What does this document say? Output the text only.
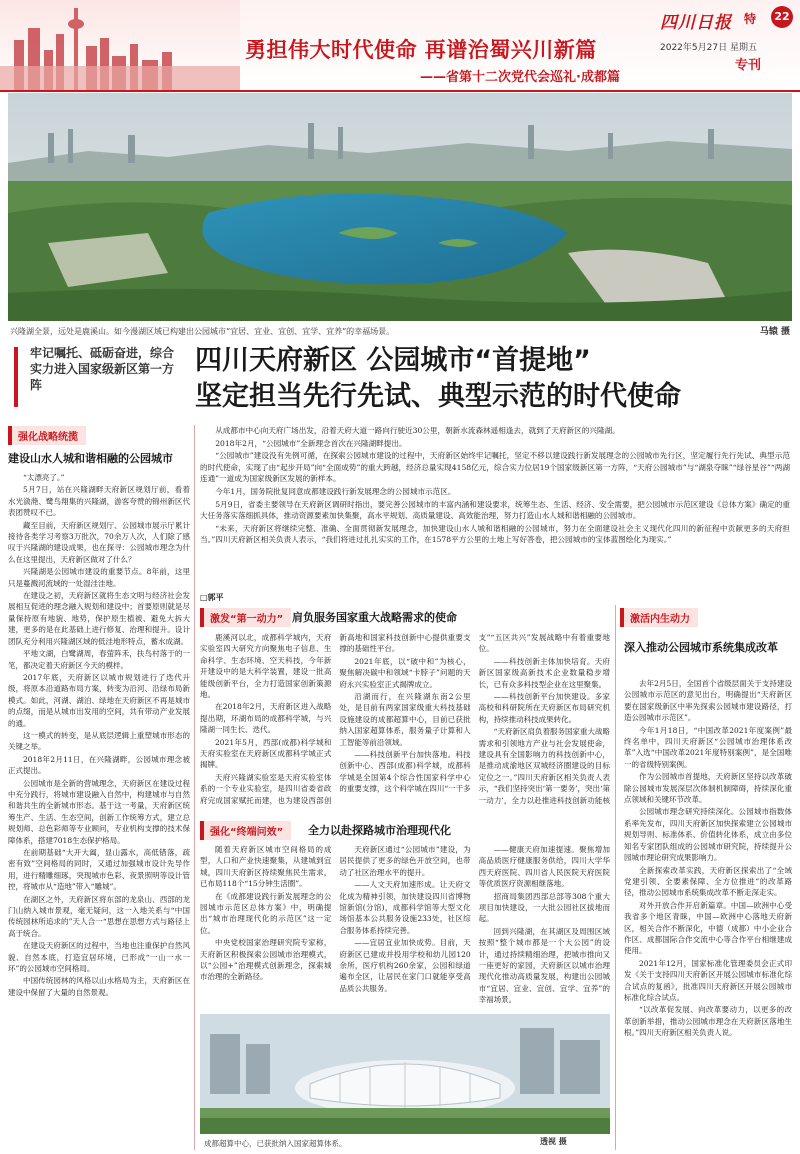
勇担伟大时代使命 再谱治蜀兴川新篇
——省第十二次党代会巡礼·成都篇
四川日报 特	22
2022年5月27日 星期五
专刊
兴隆湖全景，远处是鹿溪山。如今漫湖区域已构建出公园城市“宜居、宜业、宜创、宜学、宜养”的幸福场景。	马辕 摄
牢记嘱托、砥砺奋进，综合实力进入国家级新区第一方阵
四川天府新区 公园城市“首提地”
坚定担当先行先试、典型示范的时代使命

从成都市中心向天府广场出发，沿着天府大道一路向行驶近30公里，朝新水流森林遥相逢去，就到了天府新区的兴隆湖。

2018年2月，“公园城市”全新理念首次在兴隆湖畔提出。

“公园城市”建设没有先例可循，在探索公园城市建设的过程中，天府新区始终牢记嘱托，坚定不移以建设践行新发展理念的公园城市先行区，坚定履行先行先试、典型示范的时代使命，实现了由“起步开局”向“全面成势”的重大跨越，经济总量实现4158亿元，综合实力位居19个国家级新区第一方阵，“天府公园城市”与“湖泉夺睐”“绿谷星谷”“两湖连通”一道成为国家级新区发展的新样本。

今年1月，国务院批复同意成都建设践行新发展理念的公园城市示范区。

5月9日，省委主要领导在天府新区调研时指出，要完善公园城市的丰富内涵和建设要求，统筹生态、生活、经济、安全需要，把公园城市示范区建设《总体方案》确定的重大任务落实落细抓具体，推动资源要素加快集聚，高水平规划、高质量建设、高效能治理，努力打造山水人城和谐相融的公园城市。

“未来，天府新区将继续完整、准确、全面贯彻新发展理念，加快建设山水人城和谐相融的公园城市，努力在全面建设社会主义现代化四川的新征程中贡献更多的天府担当。”四川天府新区相关负责人表示，“我们将进过扎扎实实的工作，在1578平方公里的土地上写好答卷，把公园城市的宝体蓝图绘化为现实。”

□郭平
强化战略统揽
建设山水人城和谐相融的公园城市

“太漂亮了。”

5月7日，站在兴隆湖畔天府新区规划厅前，看着水光潋滟、鹭鸟翔集的兴隆湖，游客夸赞的锦州新区代表团赞叹不已。

藏至目前，天府新区规划厅、公园城市展示厅累计接待各类学习考察3万批次，70余万人次，人们除了感叹于兴隆湖的建设成果，也在探寻：公园城市理念为什么在这里提出，天府新区做对了什么？

兴隆湖是公园城市建设的重要节点。8年前，这里只是蔓溅河流域的一处湿洼洼地。

在建设之初，天府新区就将生态文明与经济社会发展相互促进的理念融入规划和建设中；首要原则就是尽量保持原有地貌、地势，保护原生植被、避免大拆大建，更多的是在此基础上进行修复、治理和提升。设计团队充分利用兴隆湖区域的低洼地形特点，蓄水成湖。

平地文湖，白鹭湖周，春萤阵禾，扶鸟村落于的一笔，都决定着天府新区今天的模样。

2017年底，天府新区以城市规划进行了迭代升级，将原本沿道路布局方案，转变为沿河、沿绿布局新模式。如此，河湖、湖泊、绿地在天府新区不再是城市的点缀，而是从城市出发用的空间，共有带动产业发展的通。

这一模式的转变，是从底层逻辑上重塑城市形态的关键之举。

2018年2月11日，在兴隆湖畔，公园城市理念被正式提出。

公园城市是全新的营城理念，天府新区在建设过程中充分践行，将城市建设融入自然中，构建城市与自然和谐共生的全新城市形态。基于这一考量，天府新区统筹生产、生活、生态空间，创新工作统筹方式，建立总规划师、总色彩师等专业顾问，专业机构支撑的技术保障体系，搭建7018生态保护格局。

在前期基础“大开大阖，显山露水，高低错落，疏密有致”空间格局的同时，又通过加强城市设计先导作用，进行精雕细琢，突现城市色彩、夜景照明等设计管控，将城市从“造地”带入“雕城”。

在湖区之外，天府新区将东部的龙泉山、西部的龙门山纳入城市景观，毫无疑问，这一入地关系与“中国传统园林所追求的”天人合一“思想在思想方式与路径上高于统合。

在建设天府新区的过程中，当地也注重保护自然风貌、自然本底，打造宜居环境，已形成“一山一水一环”的公园城市空间格局。

中国传统园林的风格以山水格局为主，天府新区在建设中保留了大量的自然景观。

激发“第一动力” 肩负服务国家重大战略需求的使命

鹿溪河以北，成都科学城内，天府实验室四大研究方向聚焦电子信息、生命科学、生态环境、空天科技，今年新开建设中的是大科学装置，建设一批高能级创新平台，全力打造国家创新策源地。

在2018年2月，天府新区进入战略提出期，环湖布局的成都科学城，与兴隆湖一同生长、迭代。

2021年5月，西部(成都)科学城和天府实验室在天府新区成都科学城正式揭牌。

天府兴隆湖实验室是天府实验室体系的一个专业实验室，是四川省委省政府完成国家赋托而建，也为建设西部创新高地和国家科技创新中心提供重要支撑的基础性平台。

2021年底，以“破中和”为核心，聚焦解决碳中和领域“卡脖子”问题的天府永兴实验室正式揭牌成立。

沿湖而行，在兴隆湖东南2公里处，是目前有两家国家级重大科技基础设施建设的成都超算中心，目前已获批纳入国家超算体系，服务量子计算和人工智能等前沿领域。

——科技创新平台加快落地。科技创新中心、西部(成都)科学城，成都科学城是全国第4个综合性国家科学中心的重要支撑，这个科学城在四川“一干多支”“五区共兴”发展战略中有着重要地位。

——科技创新主体加快培育。天府新区国家级高新技术企业数量稳步增长，已有众多科技型企业在这里聚集。

——科技创新平台加快建设。多家高校和科研院所在天府新区布局研究机构，持续推动科技成果转化。

“天府新区肩负着服务国家重大战略需求和引领地方产业与社会发展使命，建设具有全国影响力的科技创新中心，是推动成渝地区双城经济圈建设的目标定位之一。”四川天府新区相关负责人表示，“我们坚持突出‘第一要务’，突出‘第一动力’，全力以赴推进科技创新功能核

激活内生动力
深入推动公园城市系统集成改革

去年2月5日，全国首个省级层面关于支持建设公园城市示范区的意见出台，明确提出“天府新区要在国家级新区中率先探索公园城市建设路径，打造公园城市示范区”。

今年1月18日，“中国改革2021年度案例”最终名单中，四川天府新区“公园城市治理体系改革”入选“中国改革2021年度特别案例”，是全国唯一的省级特别案例。

作为公园城市首提地，天府新区坚持以改革破除公园城市发展深层次体制机制障碍，持续深化重点领域和关键环节改革。

公园城市理念研究持续深化。公园城市指数体系率先发布，四川天府新区加快探索建立公园城市规划导则、标准体系、价值转化体系，成立由多位知名专家团队组成的公园城市研究院，持续提升公园城市理论研究成果影响力。

全新探索改革实践，天府新区探索出了“全域党建引领、全要素保障、全方位推进”的改革路径，推动公园城市系统集成改革不断走深走实。

对外开放合作开启新篇章。中国—欧洲中心受我省多个地区青睐，中国—欧洲中心落地天府新区，相关合作不断深化，中德（成都）中小企业合作区、成都国际合作交流中心等合作平台相继建成使用。

2021年12月，国家标准化管理委员会正式印发《关于支持四川天府新区开展公园城市标准化综合试点的复函》，批准四川天府新区开展公园城市标准化综合试点。

“以改革促发展、向改革要动力，以更多的改革创新举措，推动公园城市理念在天府新区落地生根。”四川天府新区相关负责人说。

强化“终端问效”	全力以赴探路城市治理现代化

随着天府新区城市空间格局的成型，人口和产业快速聚集，从建城到宜城，四川天府新区持续聚焦民生需求，已布局118个“15分钟生活圈”。

在《成都建设践行新发展理念的公园城市示范区总体方案》中，明确提出“城市治理现代化的示范区”这一定位。

中央党校国家治理研究院专家称，天府新区积极探索公园城市治理模式，以“公园+”治理模式创新理念，探索城市治理的全新路径。

天府新区通过“公园城市”建设，为居民提供了更多的绿色开放空间，也带动了社区治理水平的提升。

——人文天府加速形成。让天府文化成为精神引领，加快建设四川省博物馆新馆(分馆)，成都科学馆等大型文化场馆基本公共服务设施233处，社区综合服务体系持续完善。

——宜居宜业加快成势。目前，天府新区已建成并投用学校和幼儿园120余所，医疗机构260余家，公园和绿道遍布全区，让居民在家门口就能享受高品质公共服务。

——健康天府加速提速。聚焦增加高品质医疗健康服务供给，四川大学华西天府医院、四川省人民医院天府医院等优质医疗资源相继落地。

招商局集团西部总部等308个重大项目加快建设，一大批公园社区拔地而起。

回到兴隆湖，在其湖区及周围区域按照“整个城市都是一个大公园”的设计，通过持续精细治理，把城市推向又一座更好的家园，天府新区以城市治理现代化推动高质量发展，构建出公园城市“宜居、宜业、宜创、宜学、宜养”的幸福场景。

成都超算中心，已获批纳入国家超算体系。	透视 摄
